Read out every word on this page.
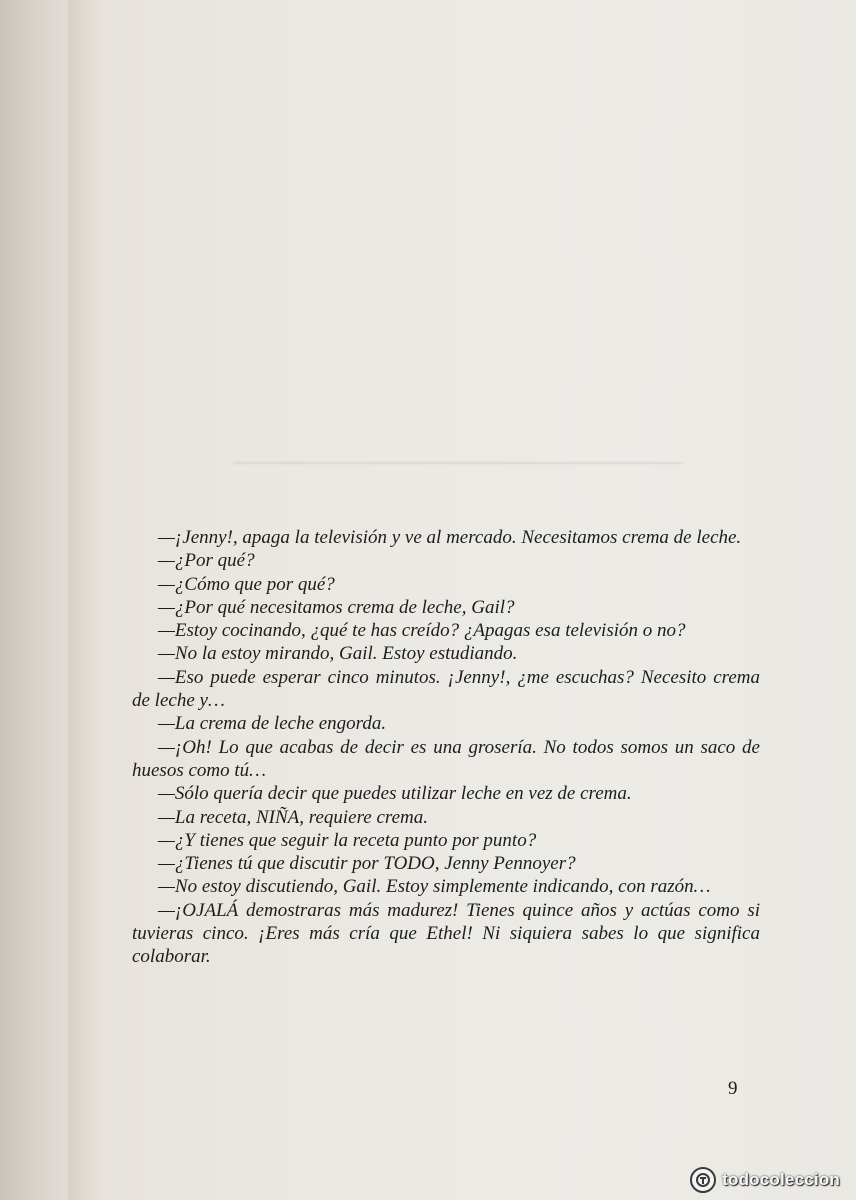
—¡Jenny!, apaga la televisión y ve al mercado. Necesitamos crema de leche.

—¿Por qué?

—¿Cómo que por qué?

—¿Por qué necesitamos crema de leche, Gail?

—Estoy cocinando, ¿qué te has creído? ¿Apagas esa televisión o no?

—No la estoy mirando, Gail. Estoy estudiando.

—Eso puede esperar cinco minutos. ¡Jenny!, ¿me escuchas? Necesito crema de leche y…

—La crema de leche engorda.

—¡Oh! Lo que acabas de decir es una grosería. No todos somos un saco de huesos como tú…

—Sólo quería decir que puedes utilizar leche en vez de crema.

—La receta, NIÑA, requiere crema.

—¿Y tienes que seguir la receta punto por punto?

—¿Tienes tú que discutir por TODO, Jenny Pennoyer?

—No estoy discutiendo, Gail. Estoy simplemente indicando, con razón…

—¡OJALÁ demostraras más madurez! Tienes quince años y actúas como si tuvieras cinco. ¡Eres más cría que Ethel! Ni siquiera sabes lo que significa colaborar.

9
todocoleccion
